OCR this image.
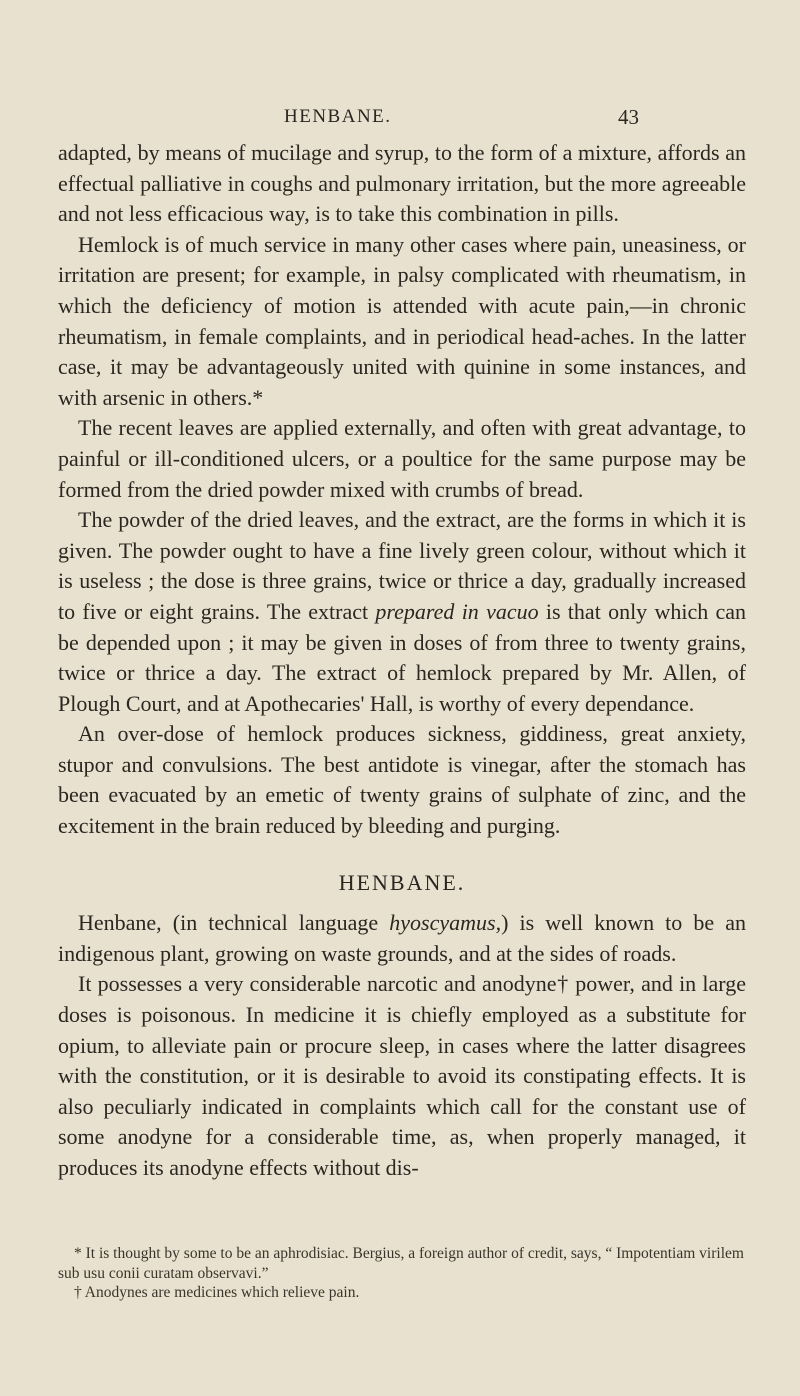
HENBANE.	43

adapted, by means of mucilage and syrup, to the form of a mixture, affords an effectual palliative in coughs and pulmonary irritation, but the more agreeable and not less efficacious way, is to take this combination in pills.

Hemlock is of much service in many other cases where pain, uneasiness, or irritation are present; for example, in palsy complicated with rheumatism, in which the deficiency of motion is attended with acute pain,—in chronic rheumatism, in female complaints, and in periodical head-aches. In the latter case, it may be advantageously united with quinine in some instances, and with arsenic in others.*

The recent leaves are applied externally, and often with great advantage, to painful or ill-conditioned ulcers, or a poultice for the same purpose may be formed from the dried powder mixed with crumbs of bread.

The powder of the dried leaves, and the extract, are the forms in which it is given. The powder ought to have a fine lively green colour, without which it is useless ; the dose is three grains, twice or thrice a day, gradually increased to five or eight grains. The extract prepared in vacuo is that only which can be depended upon ; it may be given in doses of from three to twenty grains, twice or thrice a day. The extract of hemlock prepared by Mr. Allen, of Plough Court, and at Apothecaries' Hall, is worthy of every dependance.

An over-dose of hemlock produces sickness, giddiness, great anxiety, stupor and convulsions. The best antidote is vinegar, after the stomach has been evacuated by an emetic of twenty grains of sulphate of zinc, and the excitement in the brain reduced by bleeding and purging.

HENBANE.

Henbane, (in technical language hyoscyamus,) is well known to be an indigenous plant, growing on waste grounds, and at the sides of roads.

It possesses a very considerable narcotic and anodyne† power, and in large doses is poisonous. In medicine it is chiefly employed as a substitute for opium, to alleviate pain or procure sleep, in cases where the latter disagrees with the constitution, or it is desirable to avoid its constipating effects. It is also peculiarly indicated in complaints which call for the constant use of some anodyne for a considerable time, as, when properly managed, it produces its anodyne effects without dis-

* It is thought by some to be an aphrodisiac. Bergius, a foreign author of credit, says, “ Impotentiam virilem sub usu conii curatam observavi.”

† Anodynes are medicines which relieve pain.
